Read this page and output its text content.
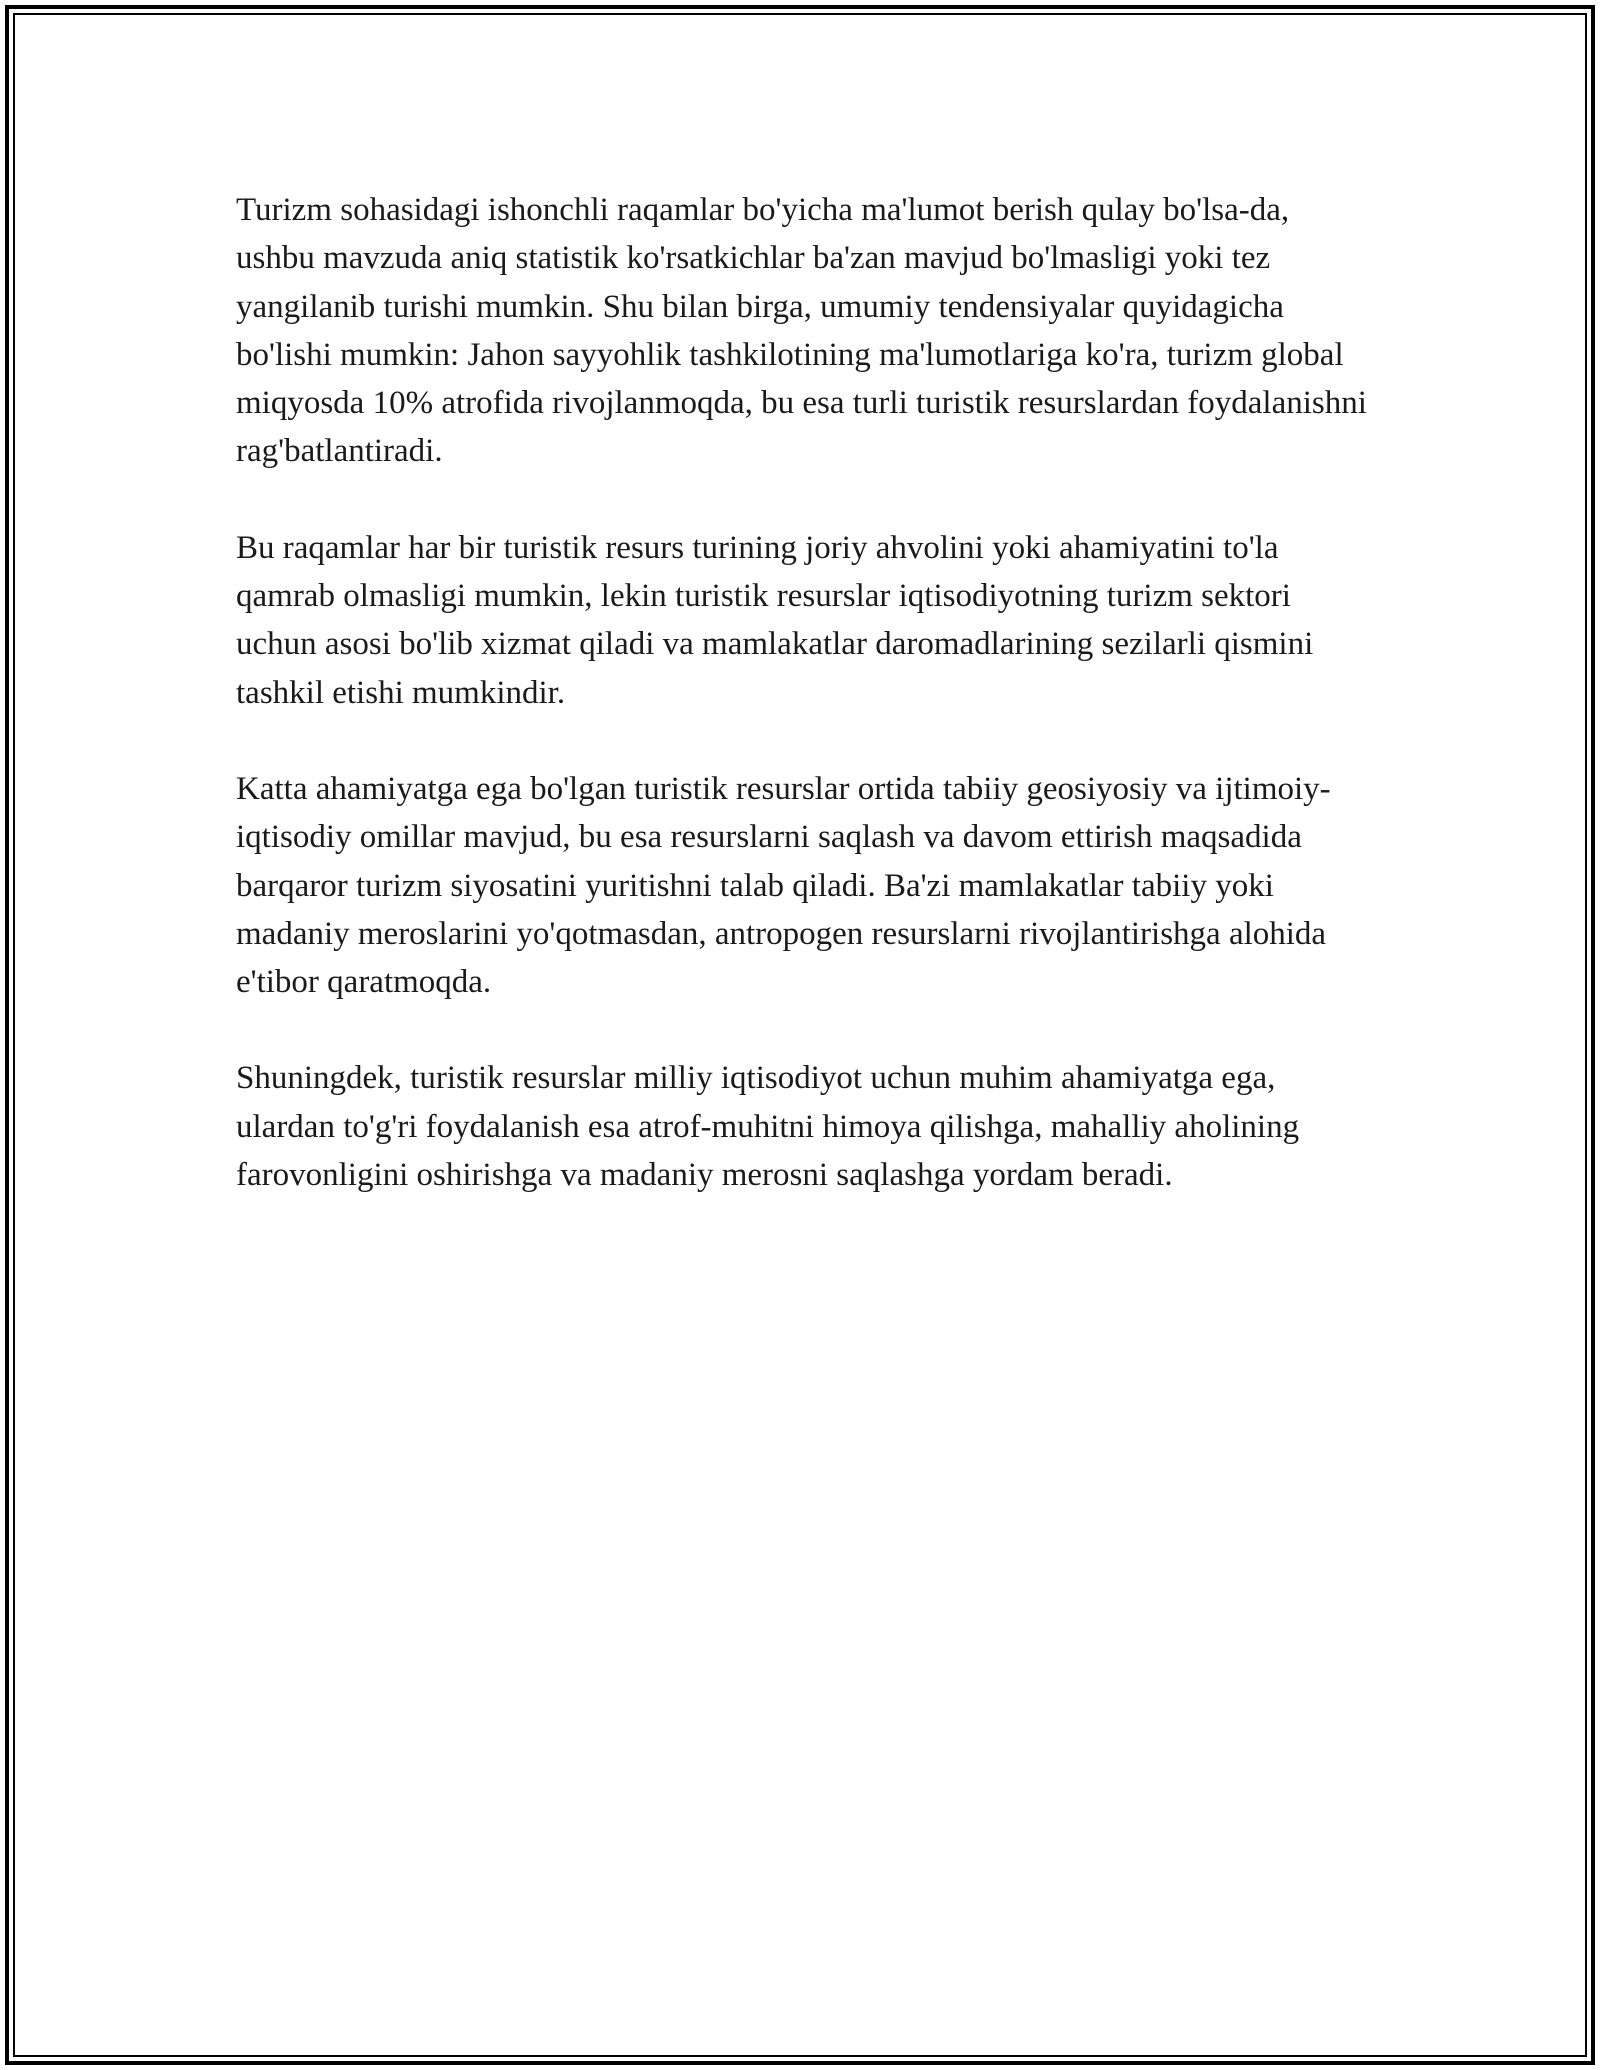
Turizm sohasidagi ishonchli raqamlar bo'yicha ma'lumot berish qulay bo'lsa-da, ushbu mavzuda aniq statistik ko'rsatkichlar ba'zan mavjud bo'lmasligi yoki tez yangilanib turishi mumkin. Shu bilan birga, umumiy tendensiyalar quyidagicha bo'lishi mumkin: Jahon sayyohlik tashkilotining ma'lumotlariga ko'ra, turizm global miqyosda 10% atrofida rivojlanmoqda, bu esa turli turistik resurslardan foydalanishni rag'batlantiradi.

Bu raqamlar har bir turistik resurs turining joriy ahvolini yoki ahamiyatini to'la qamrab olmasligi mumkin, lekin turistik resurslar iqtisodiyotning turizm sektori uchun asosi bo'lib xizmat qiladi va mamlakatlar daromadlarining sezilarli qismini tashkil etishi mumkindir.

Katta ahamiyatga ega bo'lgan turistik resurslar ortida tabiiy geosiyosiy va ijtimoiy-iqtisodiy omillar mavjud, bu esa resurslarni saqlash va davom ettirish maqsadida barqaror turizm siyosatini yuritishni talab qiladi. Ba'zi mamlakatlar tabiiy yoki madaniy meroslarini yo'qotmasdan, antropogen resurslarni rivojlantirishga alohida e'tibor qaratmoqda.

Shuningdek, turistik resurslar milliy iqtisodiyot uchun muhim ahamiyatga ega, ulardan to'g'ri foydalanish esa atrof-muhitni himoya qilishga, mahalliy aholining farovonligini oshirishga va madaniy merosni saqlashga yordam beradi.
